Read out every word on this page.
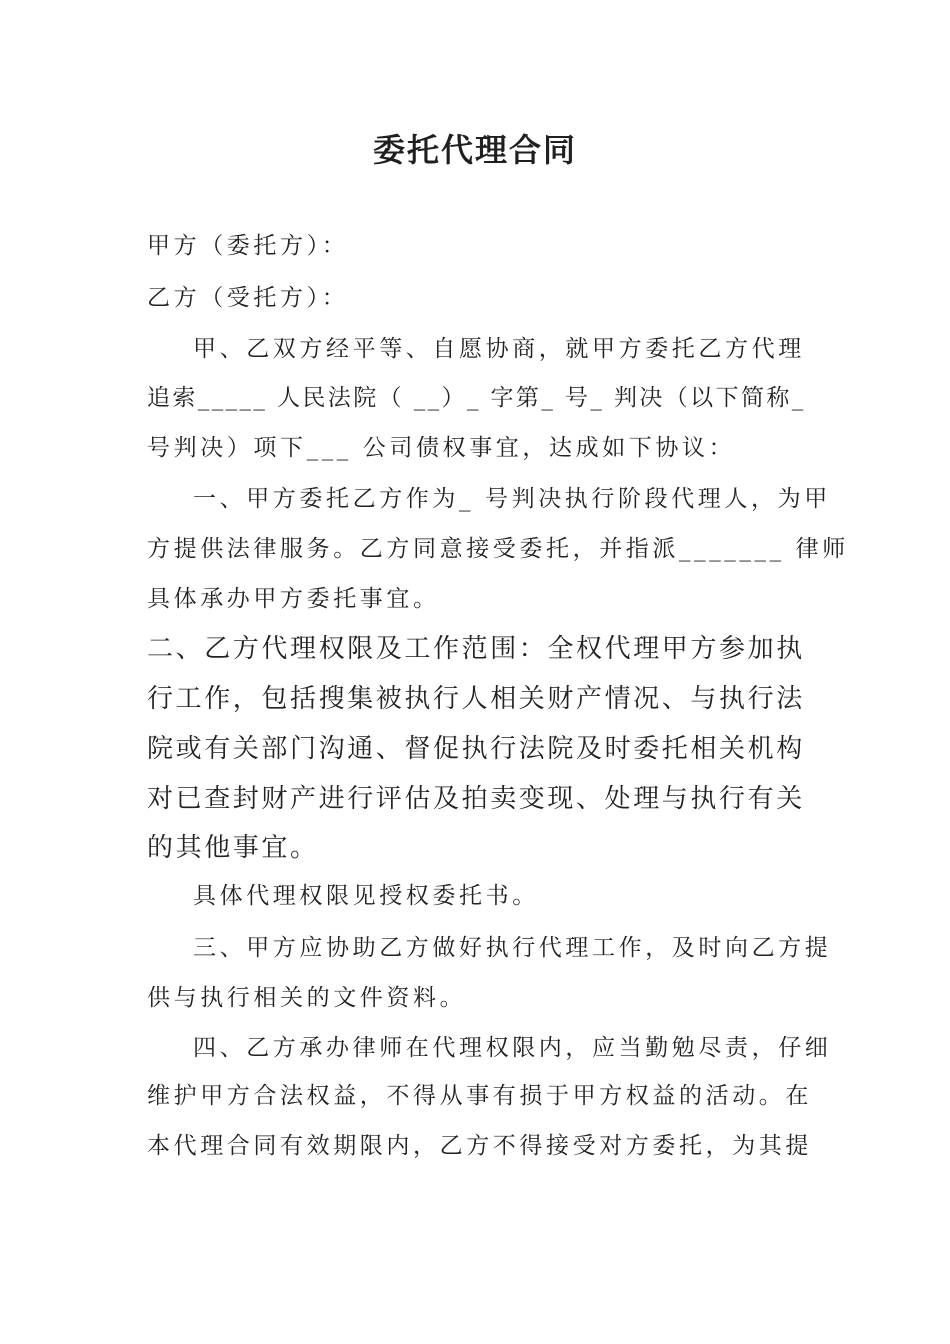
委托代理合同
甲方（委托方）：
乙方（受托方）：
甲、乙双方经平等、自愿协商，就甲方委托乙方代理
追索_____ 人民法院（ __）_ 字第_ 号_ 判决（以下简称_
号判决）项下___ 公司债权事宜，达成如下协议：
一、甲方委托乙方作为_ 号判决执行阶段代理人，为甲
方提供法律服务。乙方同意接受委托，并指派_______ 律师
具体承办甲方委托事宜。
二、乙方代理权限及工作范围：全权代理甲方参加执
行工作，包括搜集被执行人相关财产情况、与执行法
院或有关部门沟通、督促执行法院及时委托相关机构
对已查封财产进行评估及拍卖变现、处理与执行有关
的其他事宜。
具体代理权限见授权委托书。
三、甲方应协助乙方做好执行代理工作，及时向乙方提
供与执行相关的文件资料。
四、乙方承办律师在代理权限内，应当勤勉尽责，仔细
维护甲方合法权益，不得从事有损于甲方权益的活动。在
本代理合同有效期限内，乙方不得接受对方委托，为其提
